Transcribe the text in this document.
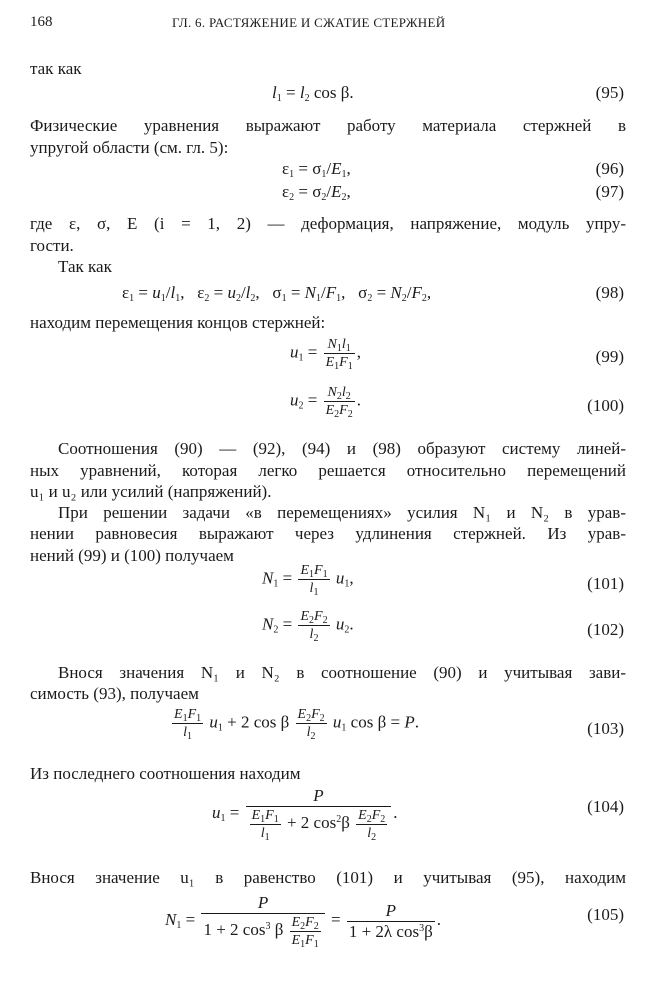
168	ГЛ. 6. РАСТЯЖЕНИЕ И СЖАТИЕ СТЕРЖНЕЙ
так как
$l_1 = l_2$ cos β.	(95)
Физические уравнения выражают работу материала стержней в
упругой области (см. гл. 5):
$\varepsilon_1 = \sigma_1/E_1$,	(96)
$\varepsilon_2 = \sigma_2/E_2$,	(97)
где ε, σ, E (i = 1, 2) — деформация, напряжение, модуль упру-
гости.
Так как
$\varepsilon_1 = u_1/l_1$, $\varepsilon_2 = u_2/l_2$, $\sigma_1 = N_1/F_1$, $\sigma_2 = N_2/F_2$,	(98)
находим перемещения концов стержней:
$u_1 = \frac{N_1l_1}{E_1F_1}$ ,	(99)
$u_2 = \frac{N_2l_2}{E_2F_2}$ .	(100)
Соотношения (90) — (92), (94) и (98) образуют систему линей-
ных уравнений, которая легко решается относительно перемещений
u₁ и u₂ или усилий (напряжений).
При решении задачи «в перемещениях» усилия N₁ и N₂ в урав-
нении равновесия выражают через удлинения стержней. Из урав-
нений (99) и (100) получаем
$N_1 = \frac{E_1F_1}{l_1} u_1$,	(101)
$N_2 = \frac{E_2F_2}{l_2} u_2$.	(102)
Внося значения N₁ и N₂ в соотношение (90) и учитывая зави-
симость (93), получаем
$\frac{E_1F_1}{l_1} u_1 + 2$ cos β $\frac{E_2F_2}{l_2} u_1$ cos β = P.	(103)
Из последнего соотношения находим
$u_1 = \frac{P}{\frac{E_1F_1}{l_1} + 2 \cos^2\beta \frac{E_2F_2}{l_2}}$ .	(104)
Внося значение u₁ в равенство (101) и учитывая (95), находим
$N_1 = \frac{P}{1 + 2 \cos^3 \beta \frac{E_2F_2}{E_1F_1}} = \frac{P}{1 + 2\lambda \cos^3\beta}$ .	(105)
